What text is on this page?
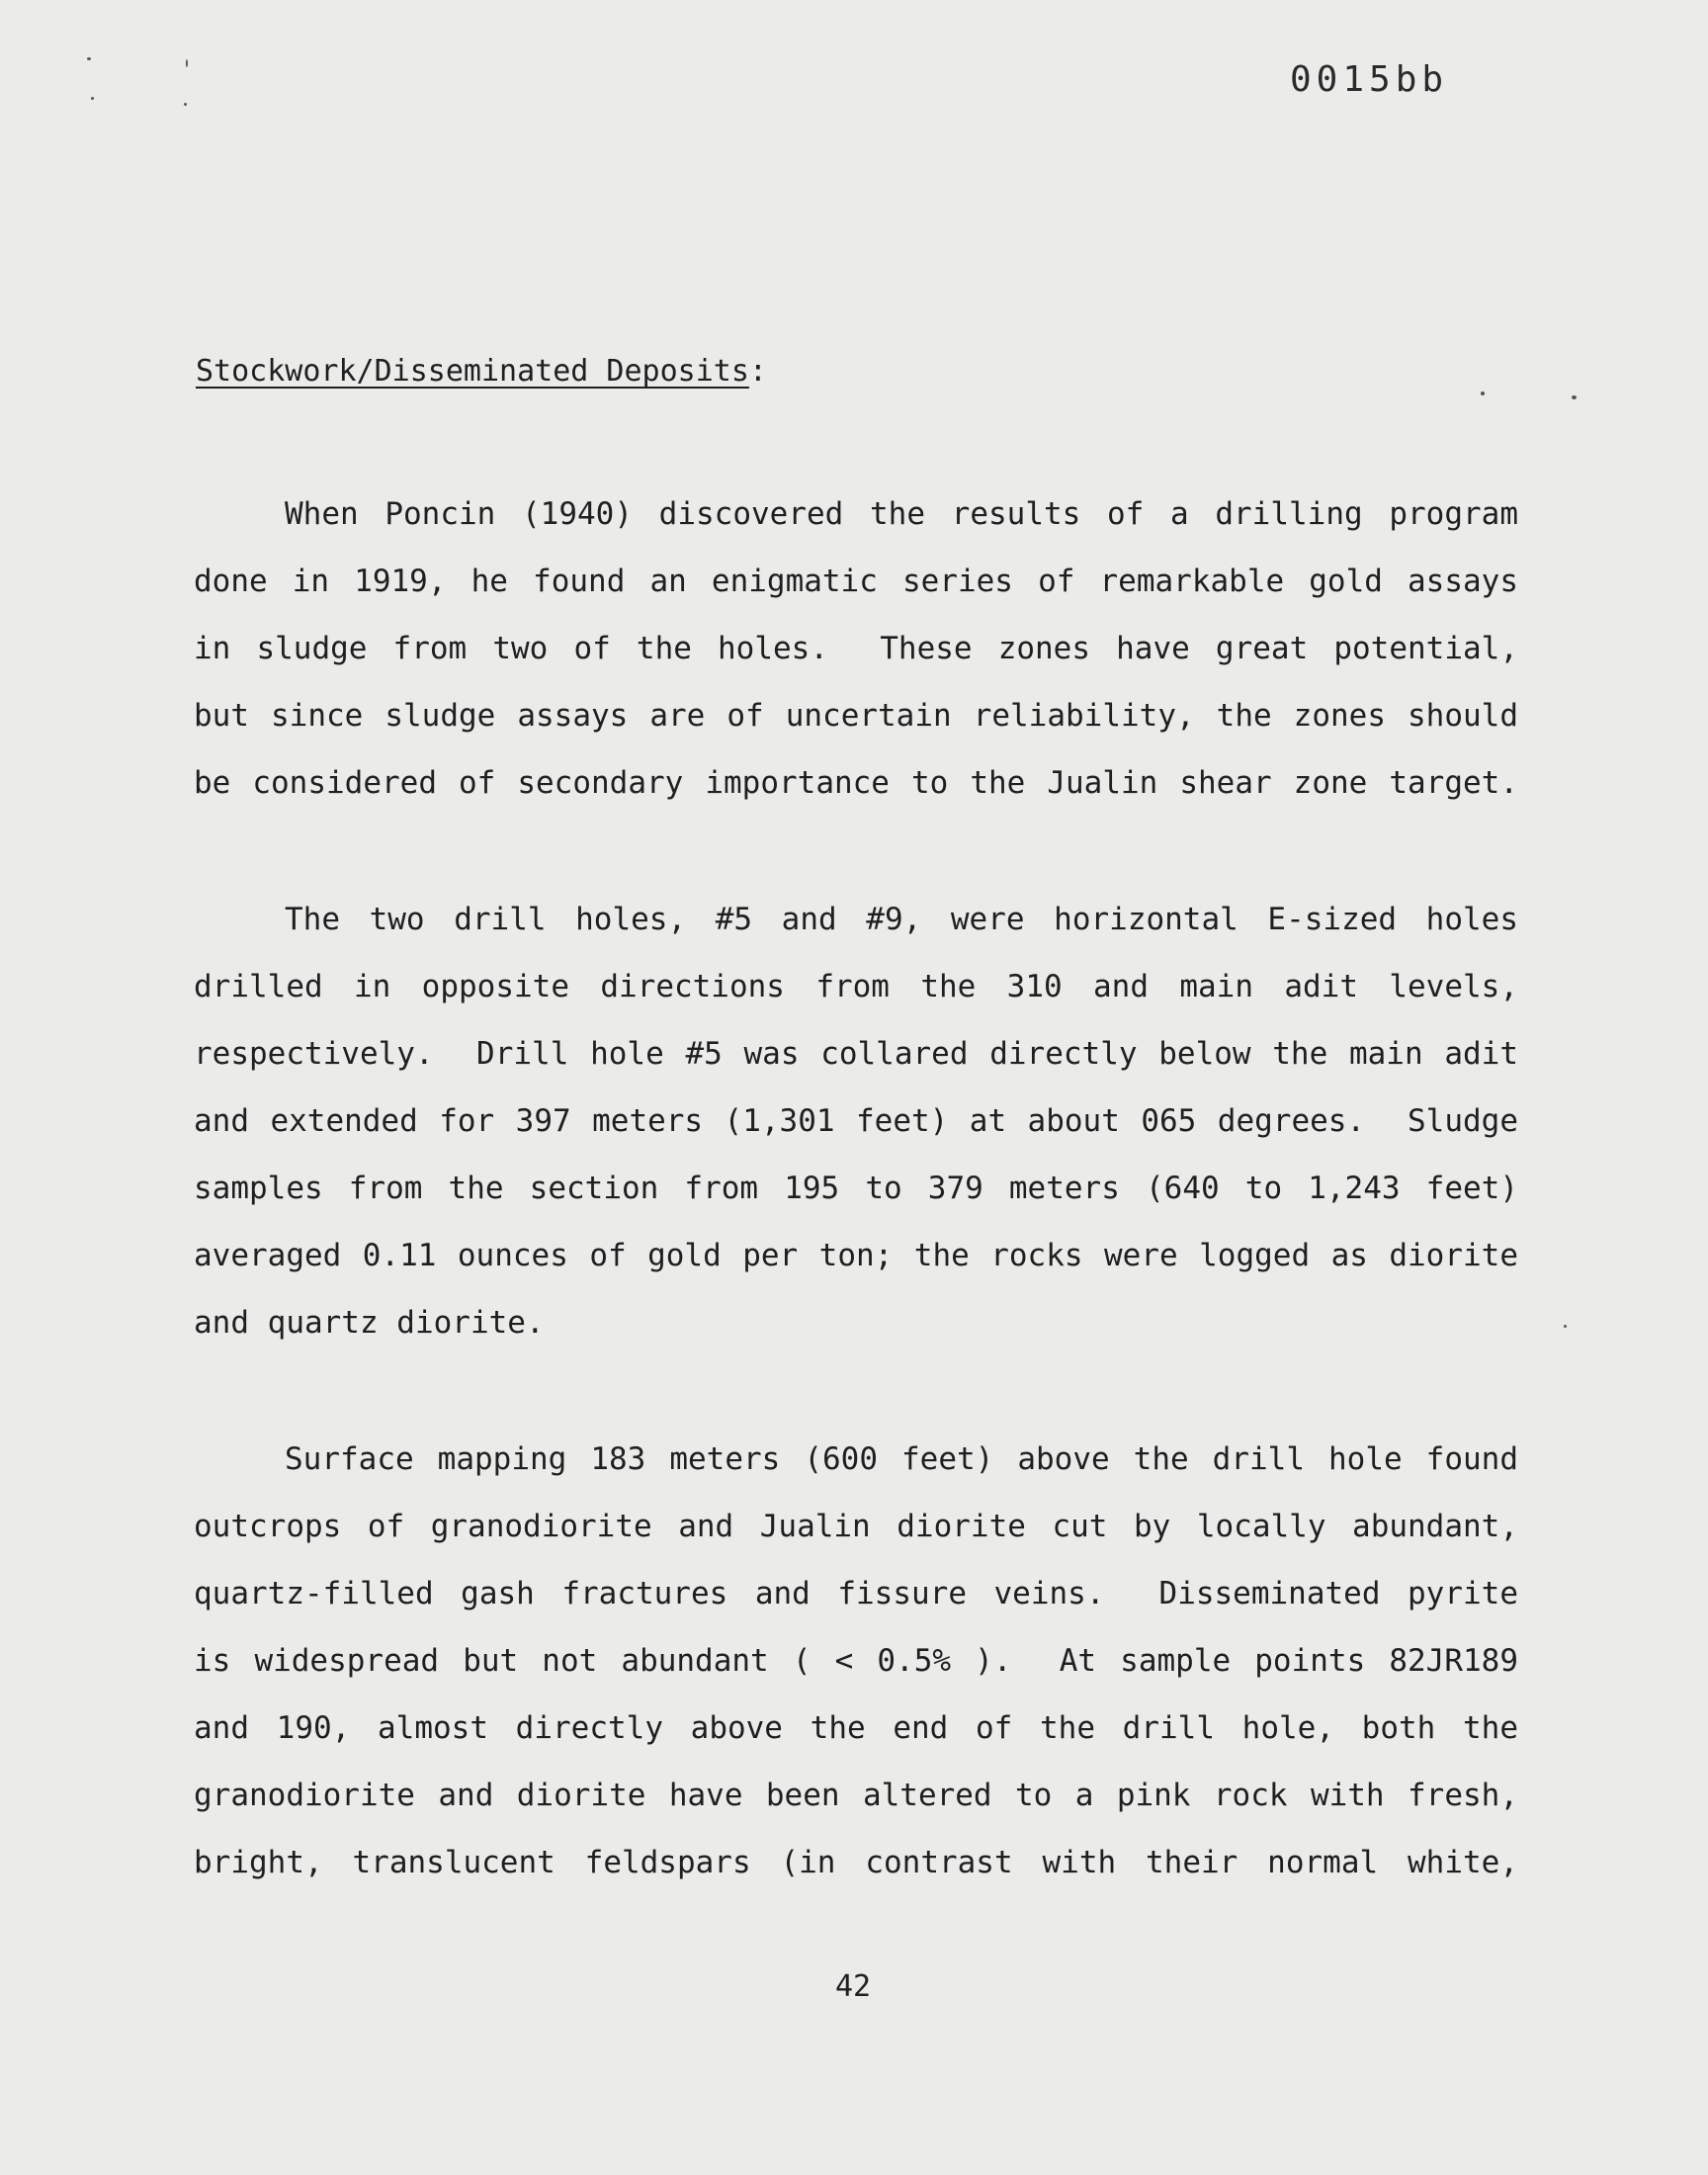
0015bb
Stockwork/Disseminated Deposits:
When Poncin (1940) discovered the results of a drilling program
done in 1919, he found an enigmatic series of remarkable gold assays
in sludge from two of the holes.  These zones have great potential,
but since sludge assays are of uncertain reliability, the zones should
be considered of secondary importance to the Jualin shear zone target.
The two drill holes, #5 and #9, were horizontal E-sized holes
drilled in opposite directions from the 310 and main adit levels,
respectively.  Drill hole #5 was collared directly below the main adit
and extended for 397 meters (1,301 feet) at about 065 degrees.  Sludge
samples from the section from 195 to 379 meters (640 to 1,243 feet)
averaged 0.11 ounces of gold per ton; the rocks were logged as diorite
and quartz diorite.
Surface mapping 183 meters (600 feet) above the drill hole found
outcrops of granodiorite and Jualin diorite cut by locally abundant,
quartz-filled gash fractures and fissure veins.  Disseminated pyrite
is widespread but not abundant ( < 0.5% ).  At sample points 82JR189
and 190, almost directly above the end of the drill hole, both the
granodiorite and diorite have been altered to a pink rock with fresh,
bright, translucent feldspars (in contrast with their normal white,
42
